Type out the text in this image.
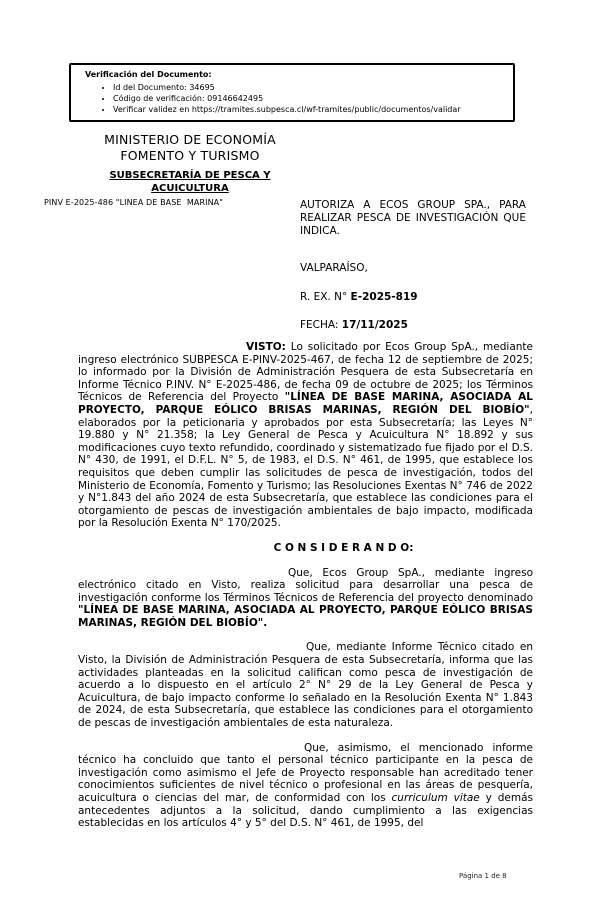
Verificación del Documento:
• Id del Documento: 34695
• Código de verificación: 09146642495
• Verificar validez en https://tramites.subpesca.cl/wf-tramites/public/documentos/validar
MINISTERIO DE ECONOMÍA
FOMENTO Y TURISMO
SUBSECRETARÍA DE PESCA Y ACUICULTURA
PINV E-2025-486 "LINEA DE BASE  MARINA"	AUTORIZA A ECOS GROUP SPA., PARA REALIZAR PESCA DE INVESTIGACIÓN QUE INDICA.
VALPARAÍSO,
R. EX. N° E-2025-819
FECHA: 17/11/2025

VISTO: Lo solicitado por Ecos Group SpA., mediante ingreso electrónico SUBPESCA E-PINV-2025-467, de fecha 12 de septiembre de 2025; lo informado por la División de Administración Pesquera de esta Subsecretaría en Informe Técnico P.INV. N° E-2025-486, de fecha 09 de octubre de 2025; los Términos Técnicos de Referencia del Proyecto "LÍNEA DE BASE MARINA, ASOCIADA AL PROYECTO, PARQUE EÓLICO BRISAS MARINAS, REGIÓN DEL BIOBÍO", elaborados por la peticionaria y aprobados por esta Subsecretaría; las Leyes N° 19.880 y N° 21.358; la Ley General de Pesca y Acuicultura N° 18.892 y sus modificaciones cuyo texto refundido, coordinado y sistematizado fue fijado por el D.S. N° 430, de 1991, el D.F.L. N° 5, de 1983, el D.S. N° 461, de 1995, que establece los requisitos que deben cumplir las solicitudes de pesca de investigación, todos del Ministerio de Economía, Fomento y Turismo; las Resoluciones Exentas N° 746 de 2022 y N°1.843 del año 2024 de esta Subsecretaría, que establece las condiciones para el otorgamiento de pescas de investigación ambientales de bajo impacto, modificada por la Resolución Exenta N° 170/2025.

C O N S I D E R A N D O:

Que, Ecos Group SpA., mediante ingreso electrónico citado en Visto, realiza solicitud para desarrollar una pesca de investigación conforme los Términos Técnicos de Referencia del proyecto denominado "LÍNEA DE BASE MARINA, ASOCIADA AL PROYECTO, PARQUE EÓLICO BRISAS MARINAS, REGIÓN DEL BIOBÍO".

Que, mediante Informe Técnico citado en Visto, la División de Administración Pesquera de esta Subsecretaría, informa que las actividades planteadas en la solicitud califican como pesca de investigación de acuerdo a lo dispuesto en el artículo 2° N° 29 de la Ley General de Pesca y Acuicultura, de bajo impacto conforme lo señalado en la Resolución Exenta N° 1.843 de 2024, de esta Subsecretaría, que establece las condiciones para el otorgamiento de pescas de investigación ambientales de esta naturaleza.

Que, asimismo, el mencionado informe técnico ha concluido que tanto el personal técnico participante en la pesca de investigación como asimismo el Jefe de Proyecto responsable han acreditado tener conocimientos suficientes de nivel técnico o profesional en las áreas de pesquería, acuicultura o ciencias del mar, de conformidad con los curriculum vitae y demás antecedentes adjuntos a la solicitud, dando cumplimiento a las exigencias establecidas en los artículos 4° y 5° del D.S. N° 461, de 1995, del

Página 1 de 8
